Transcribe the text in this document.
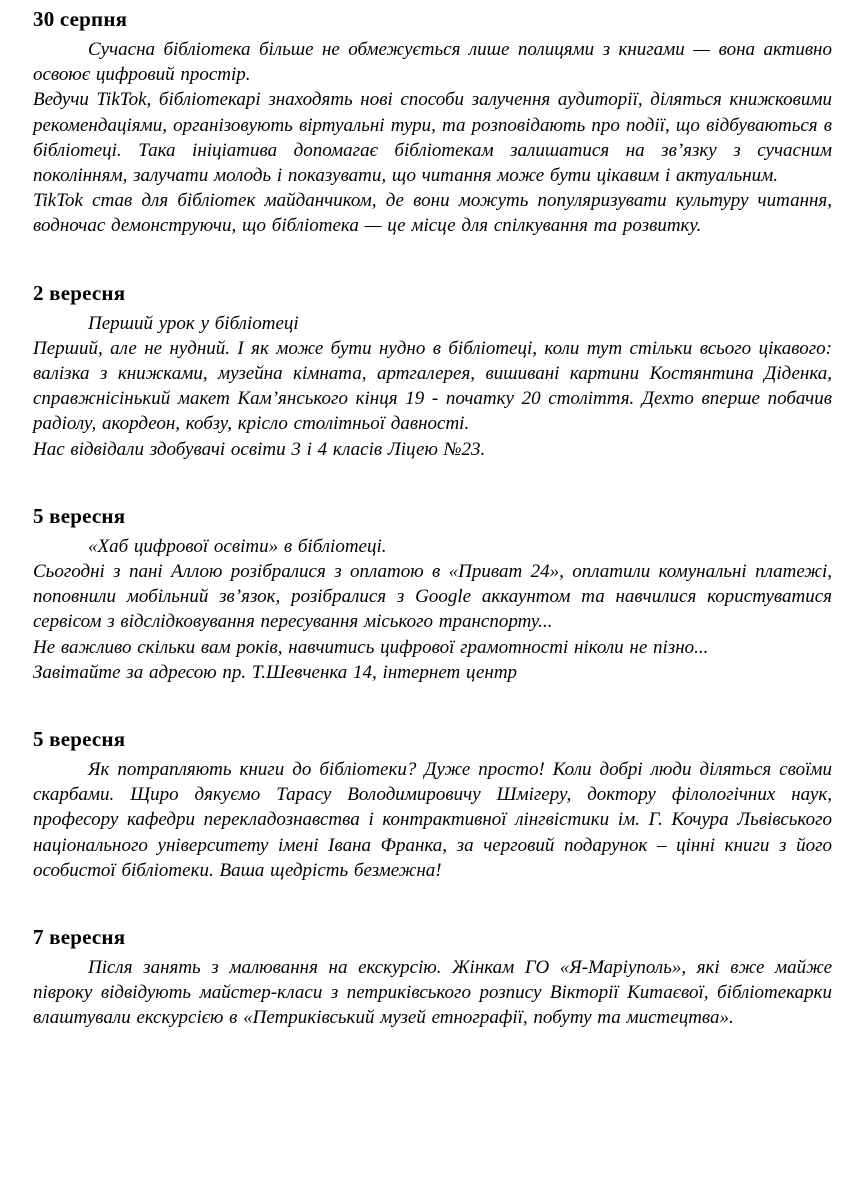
30 серпня

Сучасна бібліотека більше не обмежується лише полицями з книгами — вона активно освоює цифровий простір.

Ведучи TikTok, бібліотекарі знаходять нові способи залучення аудиторії, діляться книжковими рекомендаціями, організовують віртуальні тури, та розповідають про події, що відбуваються в бібліотеці. Така ініціатива допомагає бібліотекам залишатися на зв’язку з сучасним поколінням, залучати молодь і показувати, що читання може бути цікавим і актуальним.

TikTok став для бібліотек майданчиком, де вони можуть популяризувати культуру читання, водночас демонструючи, що бібліотека — це місце для спілкування та розвитку.

2 вересня

Перший урок у бібліотеці

Перший, але не нудний. І як може бути нудно в бібліотеці, коли тут стільки всього цікавого: валізка з книжками, музейна кімната, артгалерея, вишивані картини Костянтина Діденка, справжнісінький макет Кам’янського кінця 19 - початку 20 століття. Дехто вперше побачив радіолу, акордеон, кобзу, крісло столітньої давності.

Нас відвідали здобувачі освіти 3 і 4 класів Ліцею №23.

5 вересня

«Хаб цифрової освіти» в бібліотеці.

Сьогодні з пані Аллою розібралися з оплатою в «Приват 24», оплатили комунальні платежі, поповнили мобільний зв’язок, розібралися з Google аккаунтом та навчилися користуватися сервісом з відслідковування пересування міського транспорту...

Не важливо скільки вам років, навчитись цифрової грамотності ніколи не пізно...

Завітайте за адресою пр. Т.Шевченка 14, інтернет центр

5 вересня

Як потрапляють книги до бібліотеки? Дуже просто! Коли добрі люди діляться своїми скарбами. Щиро дякуємо Тарасу Володимировичу Шмігеру, доктору філологічних наук, професору кафедри перекладознавства і контрактивної лінгвістики ім. Г. Кочура Львівського національного університету імені Івана Франка, за черговий подарунок – цінні книги з його особистої бібліотеки. Ваша щедрість безмежна!

7 вересня

Після занять з малювання на екскурсію. Жінкам ГО «Я-Маріуполь», які вже майже півроку відвідують майстер-класи з петриківського розпису Вікторії Китаєвої, бібліотекарки влаштували екскурсією в «Петриківський музей етнографії, побуту та мистецтва».
